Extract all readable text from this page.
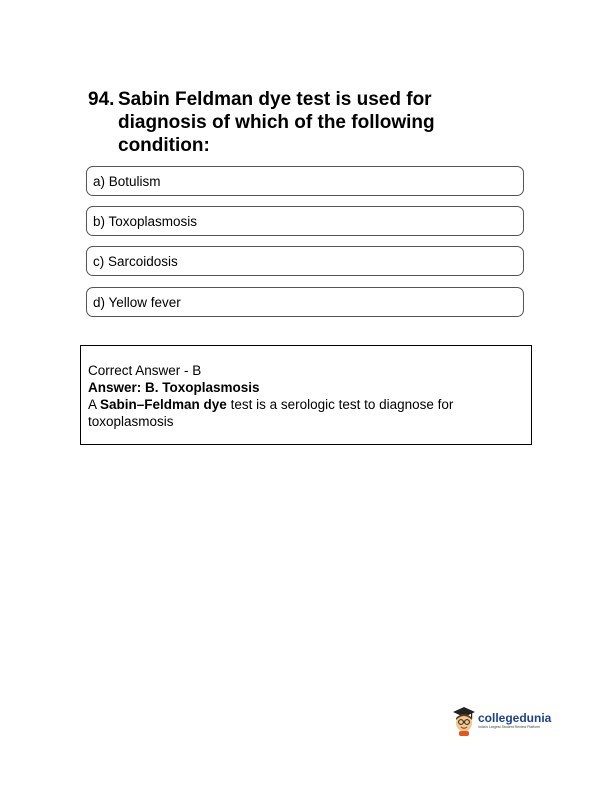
94. Sabin Feldman dye test is used for diagnosis of which of the following condition:
a) Botulism
b) Toxoplasmosis
c) Sarcoidosis
d) Yellow fever
Correct Answer - B
Answer: B. Toxoplasmosis
A Sabin–Feldman dye test is a serologic test to diagnose for toxoplasmosis
collegedunia
India's Largest Student Review Platform
